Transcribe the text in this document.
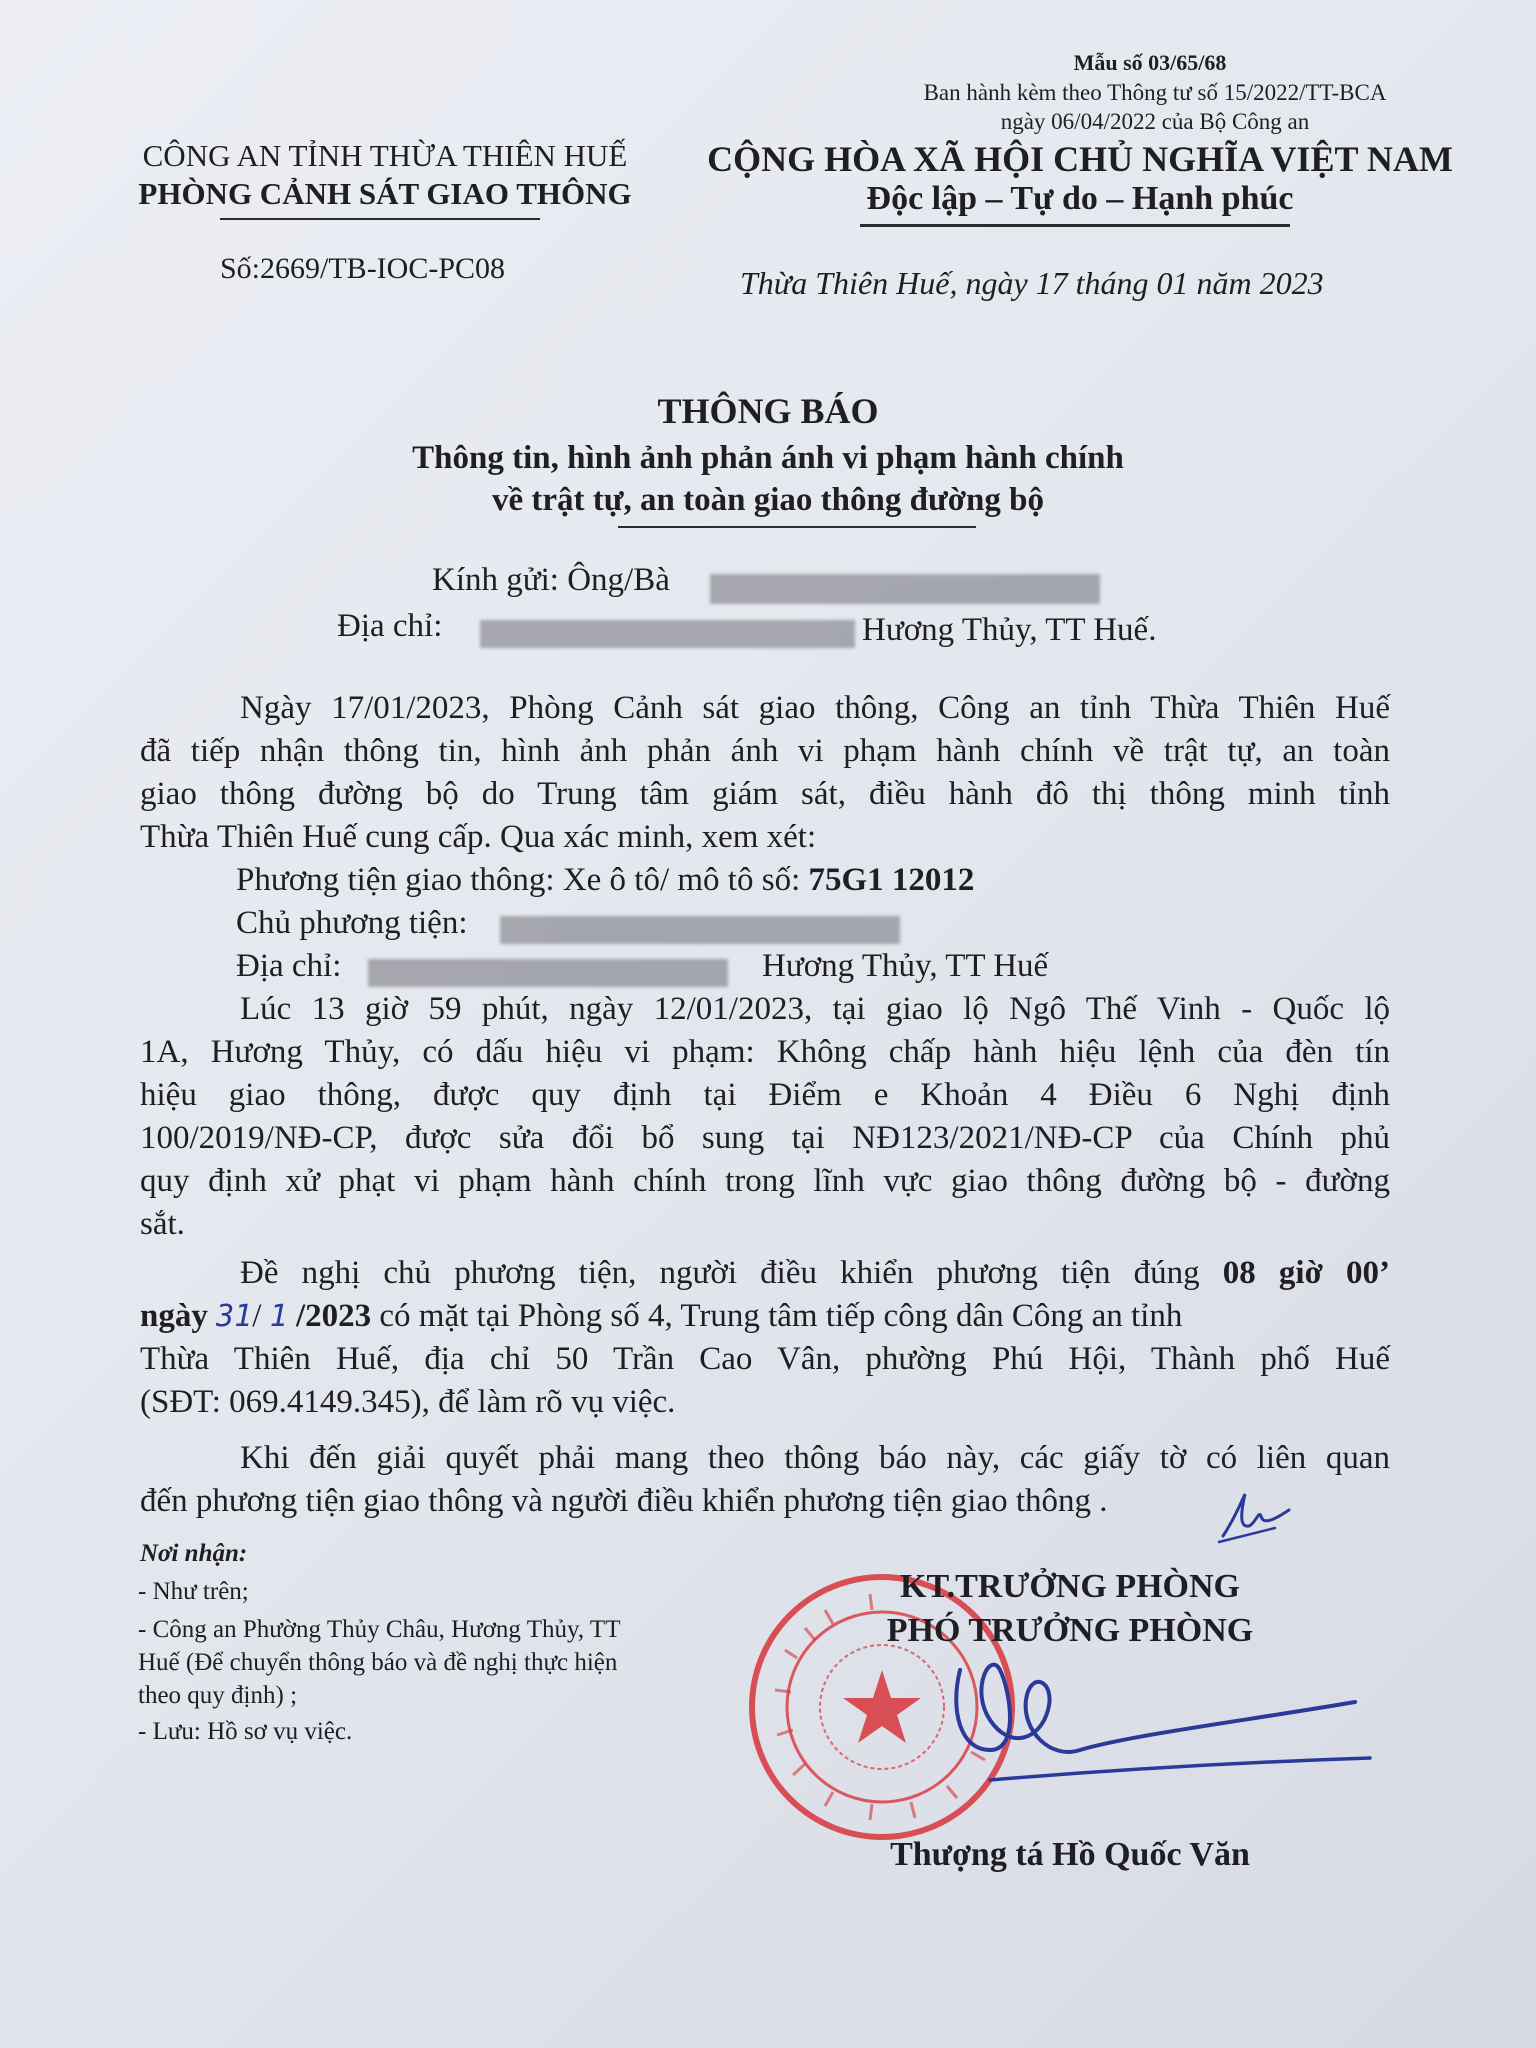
Mẫu số 03/65/68
Ban hành kèm theo Thông tư số 15/2022/TT-BCA
ngày 06/04/2022 của Bộ Công an
CÔNG AN TỈNH THỪA THIÊN HUẾ
PHÒNG CẢNH SÁT GIAO THÔNG
Số:2669/TB-IOC-PC08
CỘNG HÒA XÃ HỘI CHỦ NGHĨA VIỆT NAM
Độc lập – Tự do – Hạnh phúc
Thừa Thiên Huế, ngày 17 tháng 01 năm 2023
THÔNG BÁO
Thông tin, hình ảnh phản ánh vi phạm hành chính
về trật tự, an toàn giao thông đường bộ
Kính gửi: Ông/Bà
Địa chỉ:	Hương Thủy, TT Huế.
Ngày 17/01/2023, Phòng Cảnh sát giao thông, Công an tỉnh Thừa Thiên Huế
đã tiếp nhận thông tin, hình ảnh phản ánh vi phạm hành chính về trật tự, an toàn
giao thông đường bộ do Trung tâm giám sát, điều hành đô thị thông minh tỉnh
Thừa Thiên Huế cung cấp. Qua xác minh, xem xét:
Phương tiện giao thông: Xe ô tô/ mô tô số: 75G1 12012
Chủ phương tiện:
Địa chỉ:	Hương Thủy, TT Huế
Lúc 13 giờ 59 phút, ngày 12/01/2023, tại giao lộ Ngô Thế Vinh - Quốc lộ
1A, Hương Thủy, có dấu hiệu vi phạm: Không chấp hành hiệu lệnh của đèn tín
hiệu giao thông, được quy định tại Điểm e Khoản 4 Điều 6 Nghị định
100/2019/NĐ-CP, được sửa đổi bổ sung tại NĐ123/2021/NĐ-CP của Chính phủ
quy định xử phạt vi phạm hành chính trong lĩnh vực giao thông đường bộ - đường
sắt.
Đề nghị chủ phương tiện, người điều khiển phương tiện đúng 08 giờ 00’
ngày 31/ 1 /2023 có mặt tại Phòng số 4, Trung tâm tiếp công dân Công an tỉnh
Thừa Thiên Huế, địa chỉ 50 Trần Cao Vân, phường Phú Hội, Thành phố Huế
(SĐT: 069.4149.345), để làm rõ vụ việc.
Khi đến giải quyết phải mang theo thông báo này, các giấy tờ có liên quan
đến phương tiện giao thông và người điều khiển phương tiện giao thông .
Nơi nhận:
- Như trên;
- Công an Phường Thủy Châu, Hương Thủy, TT
Huế (Để chuyển thông báo và đề nghị thực hiện
theo quy định) ;
- Lưu: Hồ sơ vụ việc.
KT.TRƯỞNG PHÒNG
PHÓ TRƯỞNG PHÒNG
Thượng tá Hồ Quốc Văn
